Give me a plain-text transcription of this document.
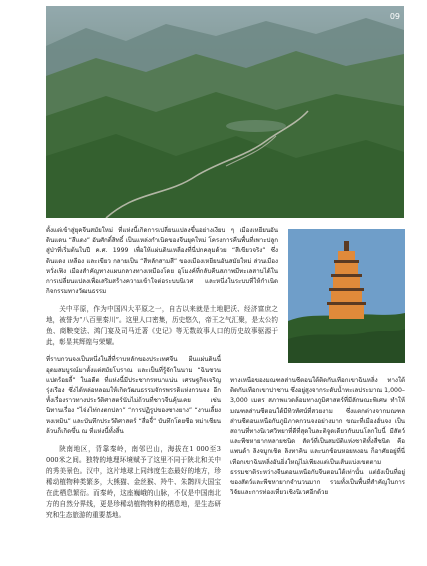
09

ตั้งแต่เข้าสู่ยุคจีนสมัยใหม่ ที่แห่งนี้เกิดการเปลี่ยนแปลงขึ้นอย่างเงียบ ๆ เมืองเหยียนอัน ดินแดน “สีแดง” อันศักดิ์สิทธิ์ เป็นแหล่งกำเนิดของจีนยุคใหม่ โครงการคืนพื้นที่เพาะปลูกสู่ป่าที่เริ่มต้นในปี ค.ศ. 1999 เพื่อให้แผ่นดินเหลืองที่นี่ปกคลุมด้วย “สีเขียวจริง” ซึ่งดินแดง เหลือง และเขียว กลายเป็น “สีหลักสามสี” ของเมืองเหยียนอันสมัยใหม่ ส่วนเมืองหวั่งเฟิง เมืองสำคัญทางแผนกลางทางเหมืองโดย อุโมงค์ที่กลับคืนสภาพมีทะเลสาบได้ในการเปลี่ยนแปลงเพื่อเสริมสร้างความเข้าใจต่อระบบนิเวศ และหนึ่งในระบบที่ให้กำเนิดกิจกรรมทางวัฒนธรรม

关中平原，作为中国四大平原之一，自古以来就是土地肥沃、经济富庶之地，被誉为“八百里秦川”。这里人口密集，历史悠久，帝王之气汇聚，是太公钓鱼、商鞅变法、鸿门宴及司马迁著《史记》等无数故事人口的历史故事驱源于此，彰显其辉煌与荣耀。

ที่ราบกวนจงเป็นหนึ่งในสี่ที่ราบหลักของประเทศจีน ผืนแผ่นดินนี้อุดมสมบูรณ์มาตั้งแต่สมัยโบราณ และเป็นที่รู้จักในนาม “ฉินชวนแปดร้อยลี้” ในอดีต ที่แห่งนี้มีประชากรหนาแน่น เศรษฐกิจเจริญรุ่งเรือง ซึ่งได้หล่อหลอมให้เกิดวัฒนธรรมจักรพรรดิแห่งกวนจง อีกทั้งเรื่องราวทางประวัติศาสตร์นับไม่ถ้วนที่ชาวจีนคุ้นเคย เช่น นิทานเรื่อง “ไจ่งไท่กงตกปลา” “การปฏิรูปของซางยาง” “งานเลี้ยงหงเหมิน” และบันทึกประวัติศาสตร์ “สื่อจี้” บันทึกโดยซือ หม่าเชียน ล้วนก็เกิดขึ้น ณ ที่แห่งนี้ทั้งสิ้น

陕南地区，背靠秦岭，南邻巴山，海拔在1 000至3 000米之间。独特的地理环境赋予了这里不同于陕北和关中的秀美景色。汉中，这片地球上同纬度生态最好的地方，珍稀动植物种类繁多，大熊猫、金丝猴、羚牛、朱鹮四大国宝在此栖息繁衍。而秦岭，这座巍峨的山脉，不仅是中国南北方的自然分界线，更是珍稀动植物物种的栖息地，是生态研究和生态旅游的重要基地。

ทางเหนือของมณฑลส่านซีตอนใต้ติดกับเทือกเขาฉินหลิ่ง ทางใต้ติดกับเทือกเขาปาซาน ซึ่งอยู่สูงจากระดับน้ำทะเลประมาณ 1,000–3,000 เมตร สภาพแวดล้อมทางภูมิศาสตร์ที่มีลักษณะพิเศษ ทำให้มณฑลส่านซีตอนใต้มีทิวทัศน์ที่สวยงาม ซึ่งแตกต่างจากมณฑลส่านซีตอนเหนือกับภูมิภาคกวนจงอย่างมาก ขณะที่เมืองฮั่นจง เป็นสถานที่ทางนิเวศวิทยาที่ดีที่สุดในละติจูดเดียวกันบนโลกใบนี้ มีสัตว์และพืชหายากหลายชนิด สัตว์ที่เป็นสมบัติแห่งชาติทั้งสี่ชนิด คือ แพนด้า ลิงจมูกเชิด ลิงทาคิน และนกช้อนหอยหงอน ก็อาศัยอยู่ที่นี่ เทือกเขาฉินหลิ่งอันยิ่งใหญ่ไม่เพียงแต่เป็นเส้นแบ่งเขตตามธรรมชาติระหว่างจีนตอนเหนือกับจีนตอนใต้เท่านั้น แต่ยังเป็นที่อยู่ของสัตว์และพืชหายากจำนวนมาก รวมทั้งเป็นพื้นที่สำคัญในการวิจัยและการท่องเที่ยวเชิงนิเวศอีกด้วย
